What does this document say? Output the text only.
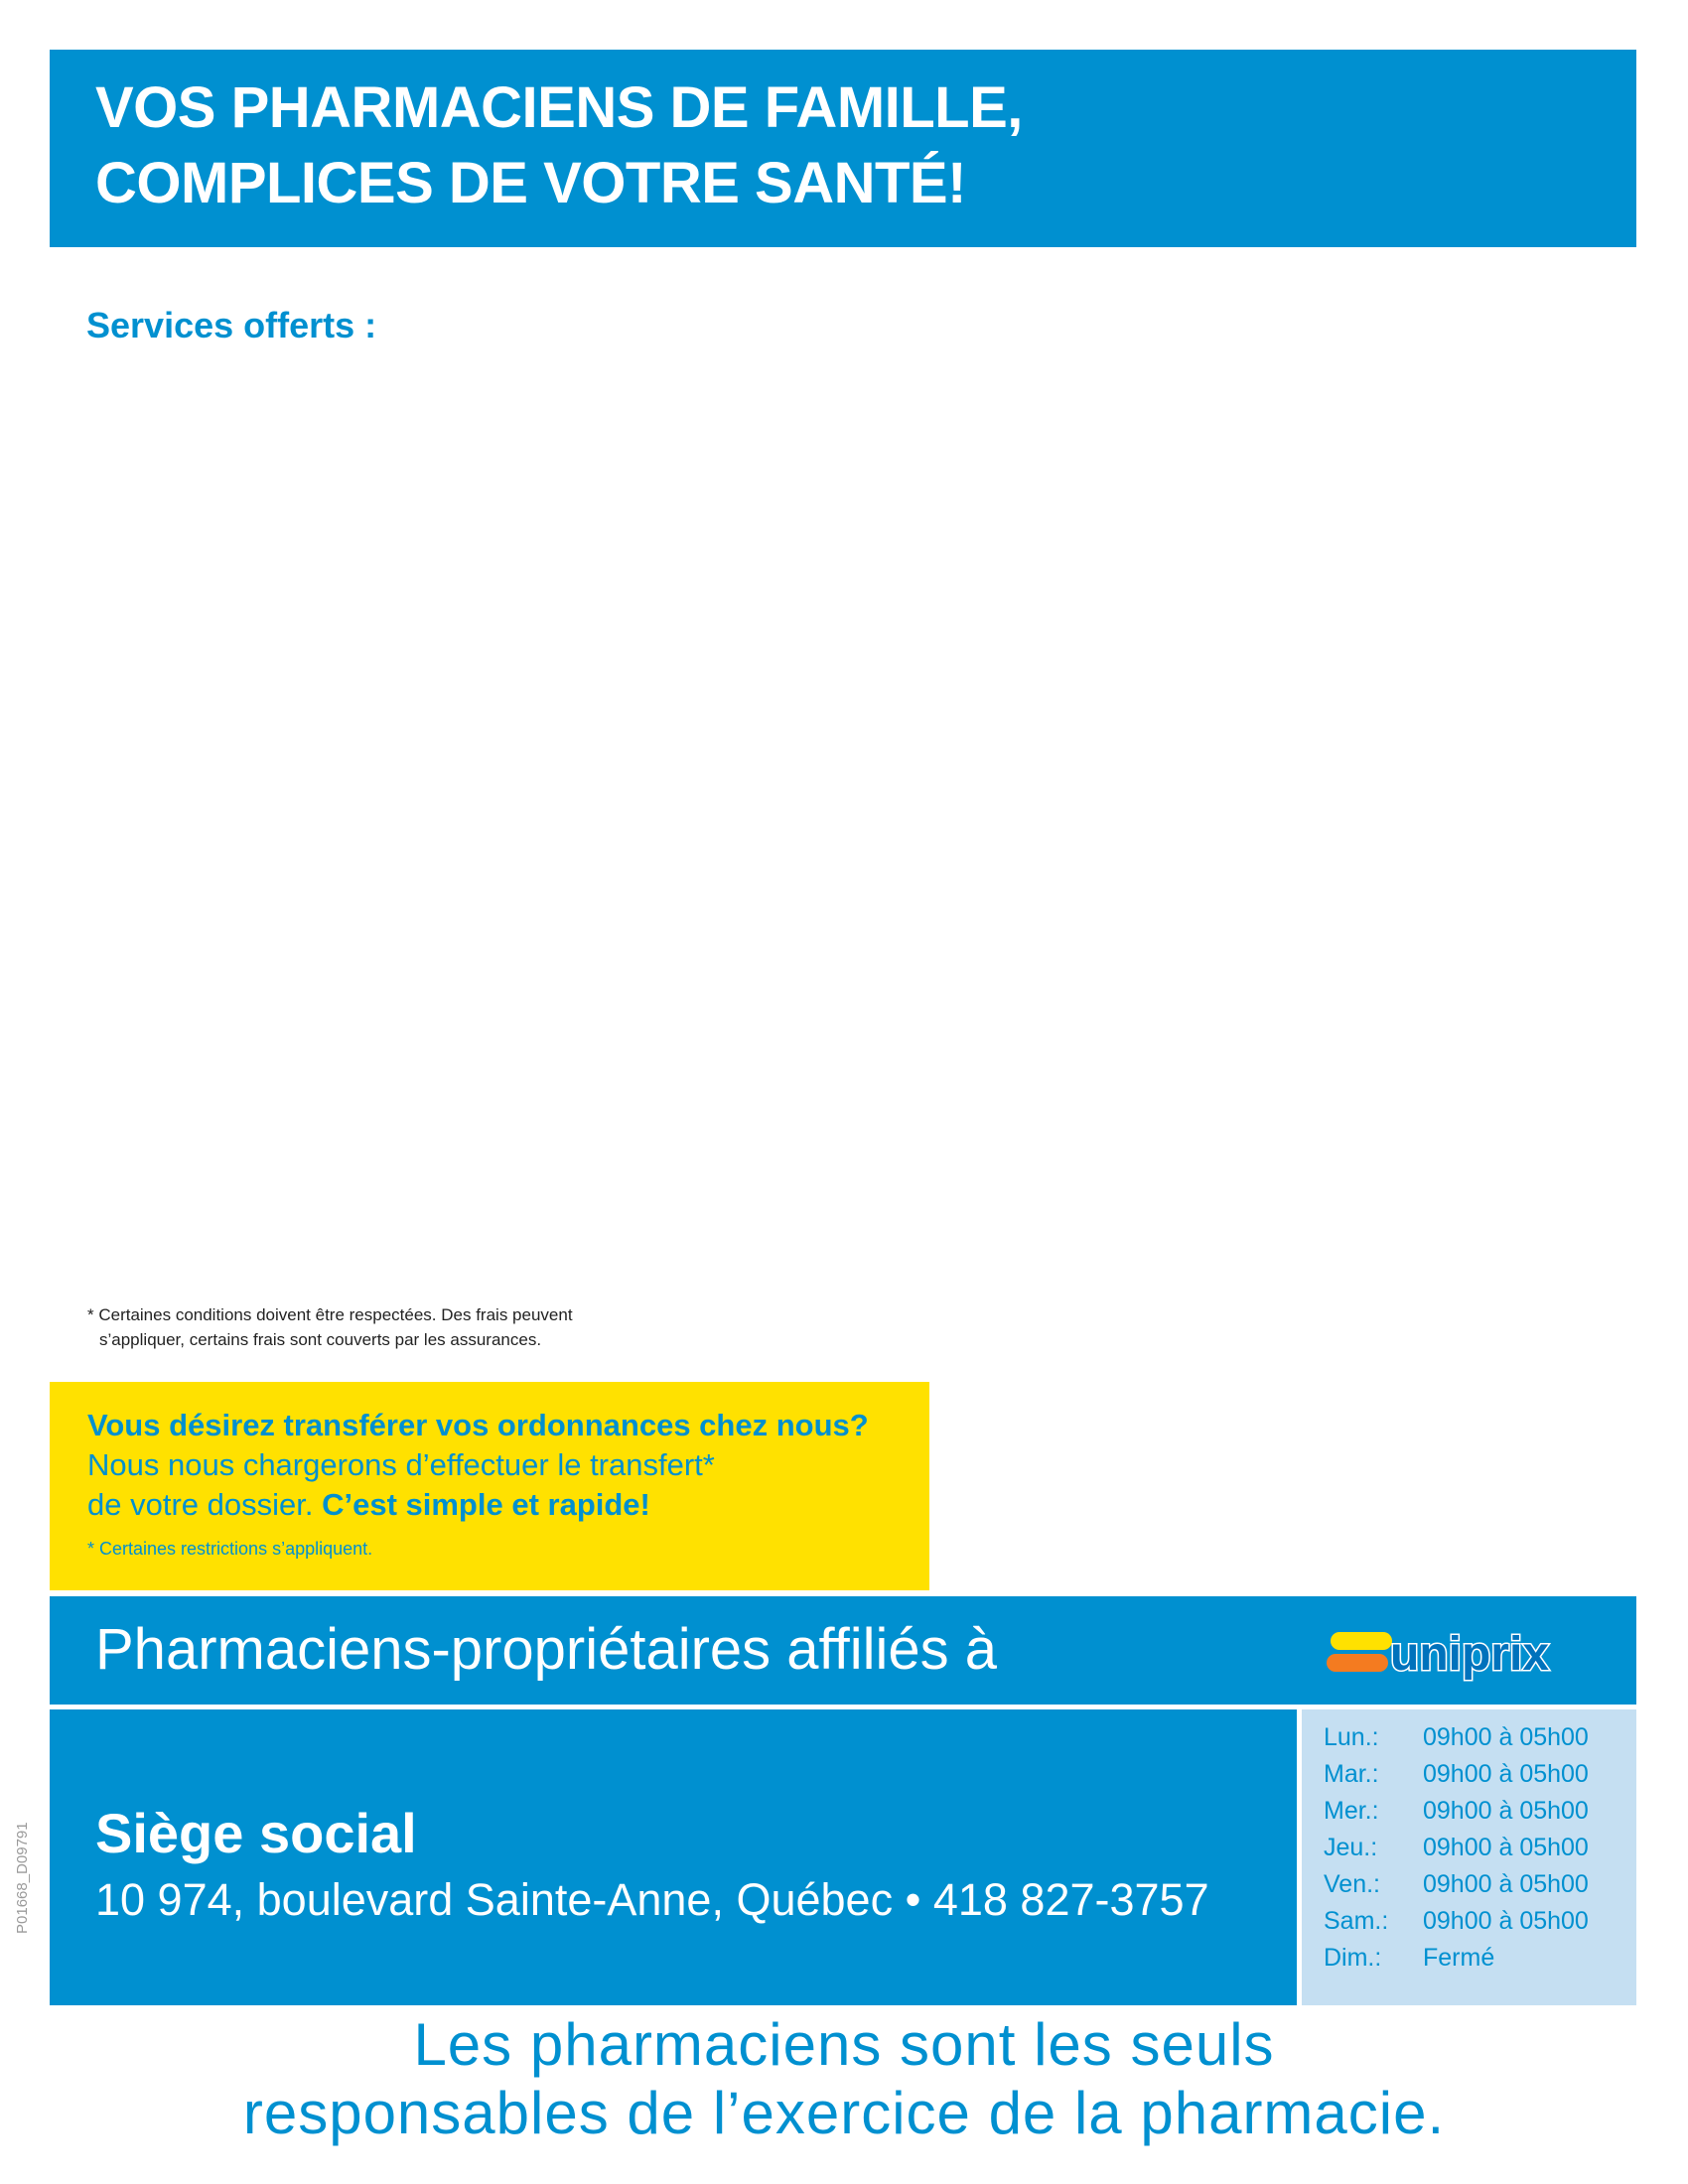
VOS PHARMACIENS DE FAMILLE,
COMPLICES DE VOTRE SANTÉ!
Services offerts :
* Certaines conditions doivent être respectées. Des frais peuvent
s’appliquer, certains frais sont couverts par les assurances.
Vous désirez transférer vos ordonnances chez nous?
Nous nous chargerons d’effectuer le transfert*
de votre dossier. C’est simple et rapide!
* Certaines restrictions s’appliquent.
Pharmaciens-propriétaires affiliés à	uniprix
Siège social
10 974, boulevard Sainte-Anne, Québec • 418 827-3757
Lun.: 09h00 à 05h00
Mar.: 09h00 à 05h00
Mer.: 09h00 à 05h00
Jeu.: 09h00 à 05h00
Ven.: 09h00 à 05h00
Sam.: 09h00 à 05h00
Dim.: Fermé
P01668_D09791
Les pharmaciens sont les seuls
responsables de l’exercice de la pharmacie.
